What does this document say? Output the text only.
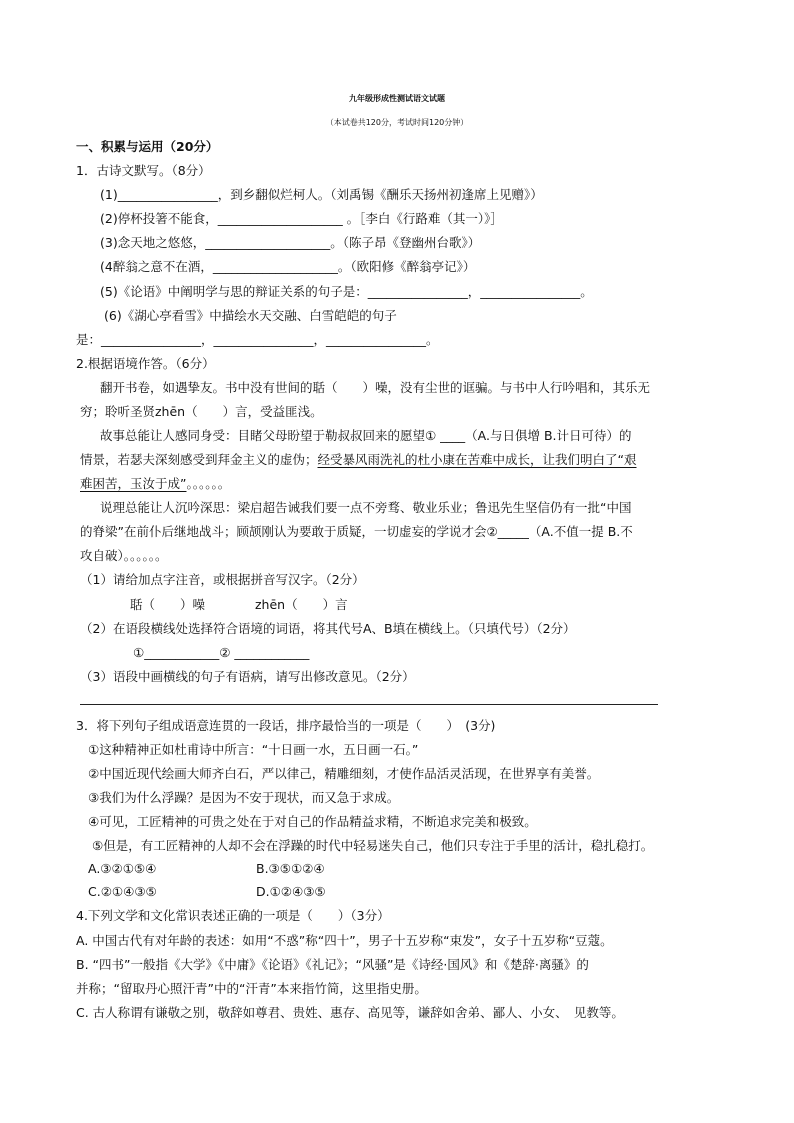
九年级形成性测试语文试题
（本试卷共120分，考试时间120分钟）
一、积累与运用（20分）
1．古诗文默写。（8分）
(1)________________，到乡翻似烂柯人。（刘禹锡《酬乐天扬州初逢席上见赠》）
(2)停杯投箸不能食，____________________ 。［李白《行路难（其一）》］
(3)念天地之悠悠，____________________。（陈子昂《登幽州台歌》）
(4醉翁之意不在酒，____________________。（欧阳修《醉翁亭记》）
(5)《论语》中阐明学与思的辩证关系的句子是：________________，________________。
(6)《湖心亭看雪》中描绘水天交融、白雪皑皑的句子
是：________________，________________，________________。
2.根据语境作答。（6分）
翻开书卷，如遇挚友。书中没有世间的聒（　　）噪，没有尘世的诓骗。与书中人行吟唱和，其乐无
穷；聆听圣贤zhēn（　　）言，受益匪浅。
故事总能让人感同身受：目睹父母盼望于勒叔叔回来的愿望① ____（A.与日俱增 B.计日可待）的
情景，若瑟夫深刻感受到拜金主义的虚伪；经受暴风雨洗礼的杜小康在苦难中成长，让我们明白了“艰
难困苦，玉汝于成”。。。。。。
说理总能让人沉吟深思：梁启超告诫我们要一点不旁骛、敬业乐业；鲁迅先生坚信仍有一批“中国
的脊梁”在前仆后继地战斗；顾颉刚认为要敢于质疑，一切虚妄的学说才会②_____（A.不值一提 B.不
攻自破）。。。。。。
（1）请给加点字注音，或根据拼音写汉字。（2分）
聒（　　）噪　　　　zhēn（　　）言
（2）在语段横线处选择符合语境的词语，将其代号A、B填在横线上。（只填代号）（2分）
①____________② ____________
（3）语段中画横线的句子有语病，请写出修改意见。（2分）
3．将下列句子组成语意连贯的一段话，排序最恰当的一项是（　　）　(3分)
①这种精神正如杜甫诗中所言：“十日画一水，五日画一石。”
②中国近现代绘画大师齐白石，严以律己，精雕细刻，才使作品活灵活现，在世界享有美誉。
③我们为什么浮躁？是因为不安于现状，而又急于求成。
④可见，工匠精神的可贵之处在于对自己的作品精益求精，不断追求完美和极致。
⑤但是，有工匠精神的人却不会在浮躁的时代中轻易迷失自己，他们只专注于手里的活计，稳扎稳打。
A.③②①⑤④	B.③⑤①②④
C.②①④③⑤	D.①②④③⑤
4.下列文学和文化常识表述正确的一项是（　　）（3分）
A. 中国古代有对年龄的表述：如用“不惑”称“四十”，男子十五岁称“束发”，女子十五岁称“豆蔻。
B. “四书”一般指《大学》《中庸》《论语》《礼记》；“风骚”是《诗经·国风》和《楚辞·离骚》的
并称；“留取丹心照汗青”中的“汗青”本来指竹简，这里指史册。
C. 古人称谓有谦敬之别，敬辞如尊君、贵姓、惠存、高见等，谦辞如舍弟、鄙人、小女、　见教等。
